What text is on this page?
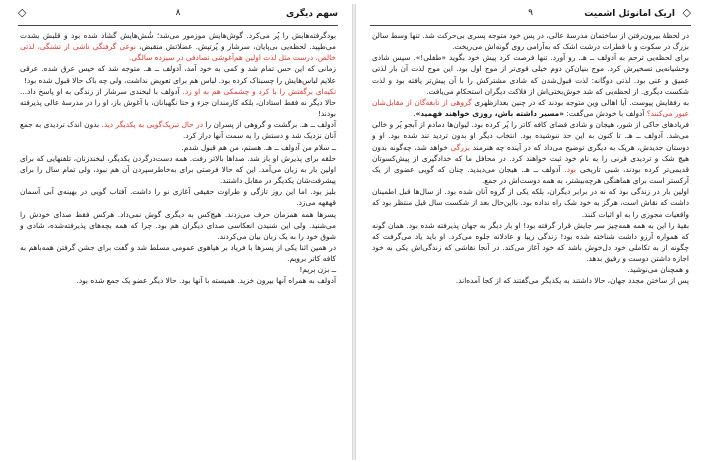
◇	۸	سهم دیگری

بودگرفته‌هایش را پُر می‌کرد. گوش‌هایش موزمور می‌شد؛ شُش‌هایش گشاد شده بود و قلبش بشدت می‌طپید. لحظه‌یی بی‌پایان، سرشار و پُرتپش. عضلاتش منقبض، نوعی گرفتگی ناشی از تشنگی، لذتی خالص، درست مثل لذت اولین هم‌آغوشی تصادفی در سیزده سالگی.

زمانی که این حس تمام شد و کمی به خود آمد، آدولف ــ هـ. متوجه شد که خیس عرق شده. عرقی علایم لباس‌هایش را چسبناک کرده بود. لباس هم برای تعویض نداشت، ولی چه باک حالا قبول شده بود!

تکیه‌ای برگفتش را با کرد و چشمکی هم به او زد. آدولف با لبخندی سرشار از زندگی به او پاسخ داد... حالا دیگر نه فقط استادان، بلکه کارمندان جزء و حتا نگهبانان، با آغوش باز، او را در مدرسهٔ عالی پذیرفته بودند!

آدولف ــ هـ. برگشت و گروهی از پسران را در حال تبریک‌گویی به یکدیگر دید. بدون اندک تردیدی به جمع آنان نزدیک شد و دستش را به سمت آنها دراز کرد.

ــ سلام من آدولف ــ هـ. هستم، من هم قبول شدم.

حلقه برای پذیرش او باز شد. صداها بالاتر رفت. همه دست‌درگردن یکدیگر، لبخندزنان، تلفنهایی که برای اولین بار به زبان می‌آمد. این که حالا فرصتی برای به‌خاطرسپردن آن هم نبود، ولی تمام سال را برای پیشرفت‌شان یکدیگر در مقابل داشتند.

بلیز بود. اما این روز تازگی و طراوت حقیقی آغازی نو را داشت. آفتاب گویی در بهینه‌ی آبی آسمان قهقهه می‌زد.

پسرها همه همزمان حرف می‌زدند. هیچ‌کس به دیگری گوش نمی‌داد. هرکس فقط صدای خودش را می‌شنید. ولی این شنیدن انعکاسی صدای دیگران هم بود. چرا که همه بچه‌های پذیرفته‌شده، شادی و شوق خود را به یک زبان بیان می‌کردند.

در همین اثنا یکی از پسرها با فریاد بر هیاهوی عمومی مسلط شد و گفت برای جشن گرفتن همه‌باهم به کافه کاتر برویم.

ــ بزن بریم!

آدولف به همراه آنها بیرون خزید. همیسته با آنها بود. حالا دیگر عضو یک جمع شده بود.

◇
۹	اریک امانوئل اشمیت

در لحظهٔ بیرون‌رفتن از ساختمان مدرسهٔ عالی، در پس خود متوجه پسری بی‌حرکت شد. تنها وسط سالن بزرگ در سکوت و با قطرات درشت اشک که به‌آرامی روی گونه‌اش می‌ریخت.

برای لحظه‌یی ترحم به آدولف ــ هـ. رو آورد. تنها فرصت کرد پیش خود بگوید «طفلی!». سپس شادی وحشیانه‌یی تسخیرش کرد. موج بنیان‌کن دوم خیلی قوی‌تر از موج اول بود. این موج لذت آن بار لذتی عمیق و عنی بود. لذتی دوگانه: لذت قبول‌شدن که شادی مشترکش را با آن پیش‌تر یافته بود و لذت شکست دیگری. از لحظه‌یی که شد خوش‌بختی‌اش از فلاکت دیگران استحکام می‌یافت.

به رفقایش پیوست. آیا اهالی وین متوجه بودند که در چنین بعدازظهری گروهی از نابغه‌گان از مقابل‌شان عبور می‌کنند؟ آدولف با خودش می‌گفت: «مسیر داشته باش، روزی خواهند فهمید».

فریادهای حاکی از شور، هیجان و شادی فضای کافه کاتر را پُر کرده بود. لیوان‌ها دمادم از آبجو پُر و خالی می‌شد. آدولف ــ هـ. تا کنون به این حد ننوشیده بود. انتخاب دیگر او بدون تردید تند شده بود. او و دوستان جدیدش، هریک به دیگری توضیح می‌داد که در آینده چه هنرمند بزرگی خواهد شد، چه‌گونه بدون هیچ شک و تردیدی قرنی را به نام خود ثبت خواهند کرد. در محافل ما که خدادگیری از پیش‌کسوتان قدیمی‌تر کرده بودند، شبی تاریخی بود. آدولف ــ هـ. هیجان می‌دیدید. چنان که گویی عضوی از یک آرکستر است برای هماهنگی هرچه‌بیشتر، به همه دوست‌اش در جمع.

اولین بار در زندگی بود که نه در برابر دیگران، بلکه یکی از گروه آنان شده بود. از سال‌ها قبل اطمینان داشت که نقاش است، هرگز به خود شک راه نداده بود. بااین‌حال بعد از شکست سال قبل منتظر بود که واقعیات مجوزی را به او اثبات کنند.

بقیهٔ را این به همه همه‌چیز سر جایش قرار گرفته بود! او بار دیگر به جهان پذیرفته شده بود. همان گونه که همواره آرزو داشت شناخته شده بود! زندگی زیبا و عادلانه جلوه می‌کرد. او باید یاد می‌گرفت که چگونه از به تکاملی خود دل‌خوش باشد که خود آغاز می‌کند. در آنجا نقاشی که زندگی‌اش یکی به خود اجازه داشتن دوست و رفیق بدهد.

و همچنان می‌نوشید.

پس از ساختن مجدد جهان، حالا داشتند به یکدیگر می‌گفتند که از کجا آمده‌اند.
